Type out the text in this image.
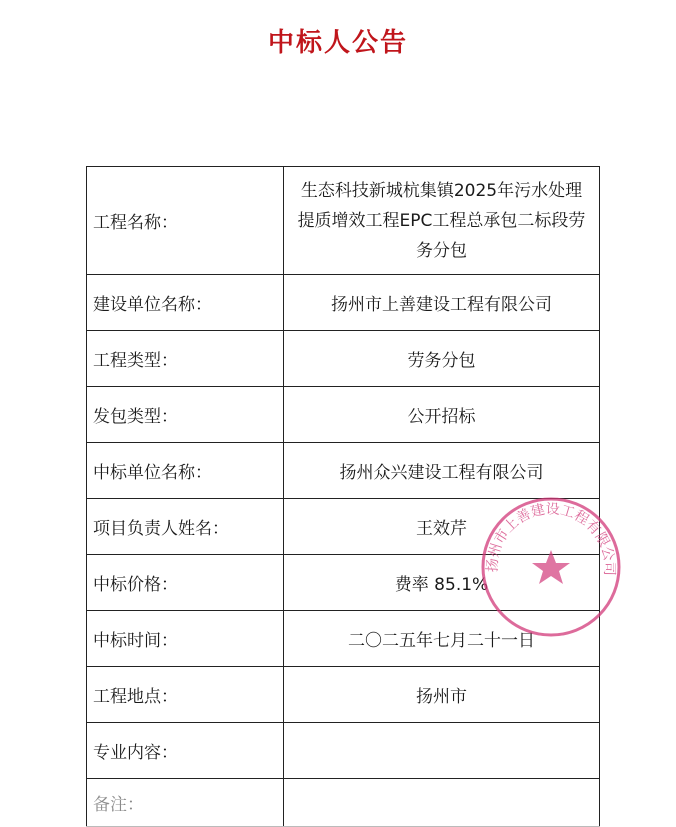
中标人公告
工程名称：	生态科技新城杭集镇2025年污水处理
提质增效工程EPC工程总承包二标段劳
务分包

建设单位名称：	扬州市上善建设工程有限公司
工程类型：	劳务分包
发包类型：	公开招标
中标单位名称：	扬州众兴建设工程有限公司
项目负责人姓名：	王效芹
中标价格：	费率 85.1%
中标时间：	二〇二五年七月二十一日
工程地点：	扬州市
专业内容：	
备注：	
扬州市上善建设工程有限公司
